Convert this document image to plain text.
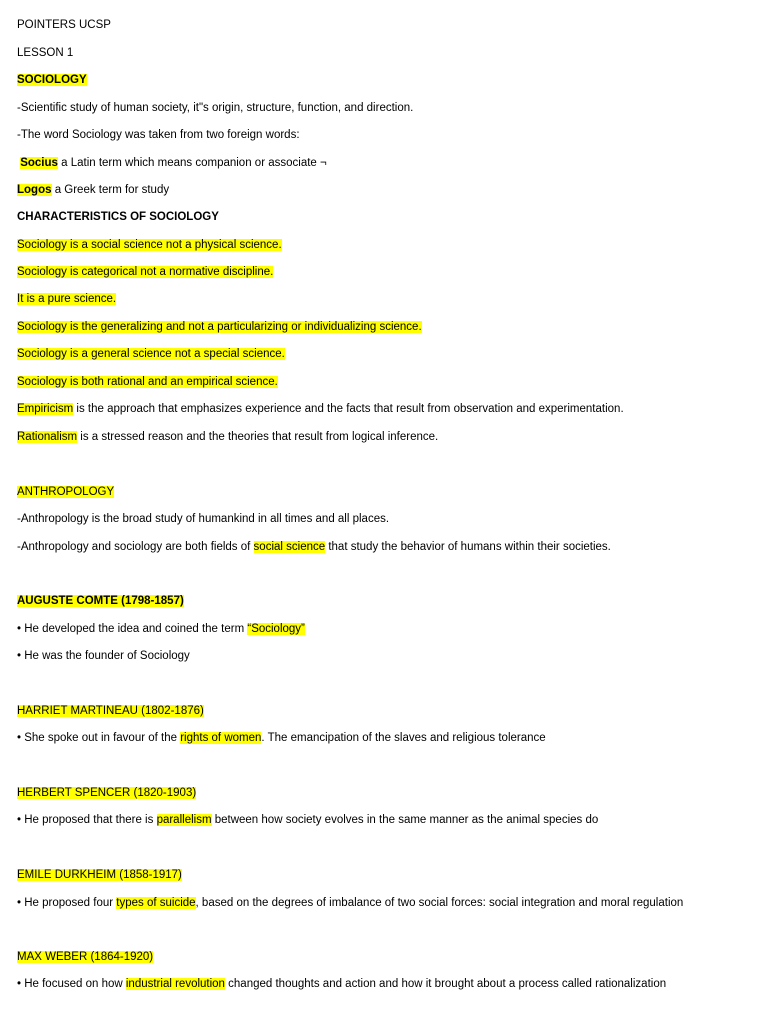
POINTERS UCSP
LESSON 1
SOCIOLOGY
-Scientific study of human society, it"s origin, structure, function, and direction.
-The word Sociology was taken from two foreign words:
Socius a Latin term which means companion or associate ¬
Logos a Greek term for study
CHARACTERISTICS OF SOCIOLOGY
Sociology is a social science not a physical science.
Sociology is categorical not a normative discipline.
It is a pure science.
Sociology is the generalizing and not a particularizing or individualizing science.
Sociology is a general science not a special science.
Sociology is both rational and an empirical science.
Empiricism is the approach that emphasizes experience and the facts that result from observation and experimentation.
Rationalism is a stressed reason and the theories that result from logical inference.
ANTHROPOLOGY
-Anthropology is the broad study of humankind in all times and all places.
-Anthropology and sociology are both fields of social science that study the behavior of humans within their societies.
AUGUSTE COMTE (1798-1857)
• He developed the idea and coined the term “Sociology”
• He was the founder of Sociology
HARRIET MARTINEAU (1802-1876)
• She spoke out in favour of the rights of women. The emancipation of the slaves and religious tolerance
HERBERT SPENCER (1820-1903)
• He proposed that there is parallelism between how society evolves in the same manner as the animal species do
EMILE DURKHEIM (1858-1917)
• He proposed four types of suicide, based on the degrees of imbalance of two social forces: social integration and moral regulation
MAX WEBER (1864-1920)
• He focused on how industrial revolution changed thoughts and action and how it brought about a process called rationalization
